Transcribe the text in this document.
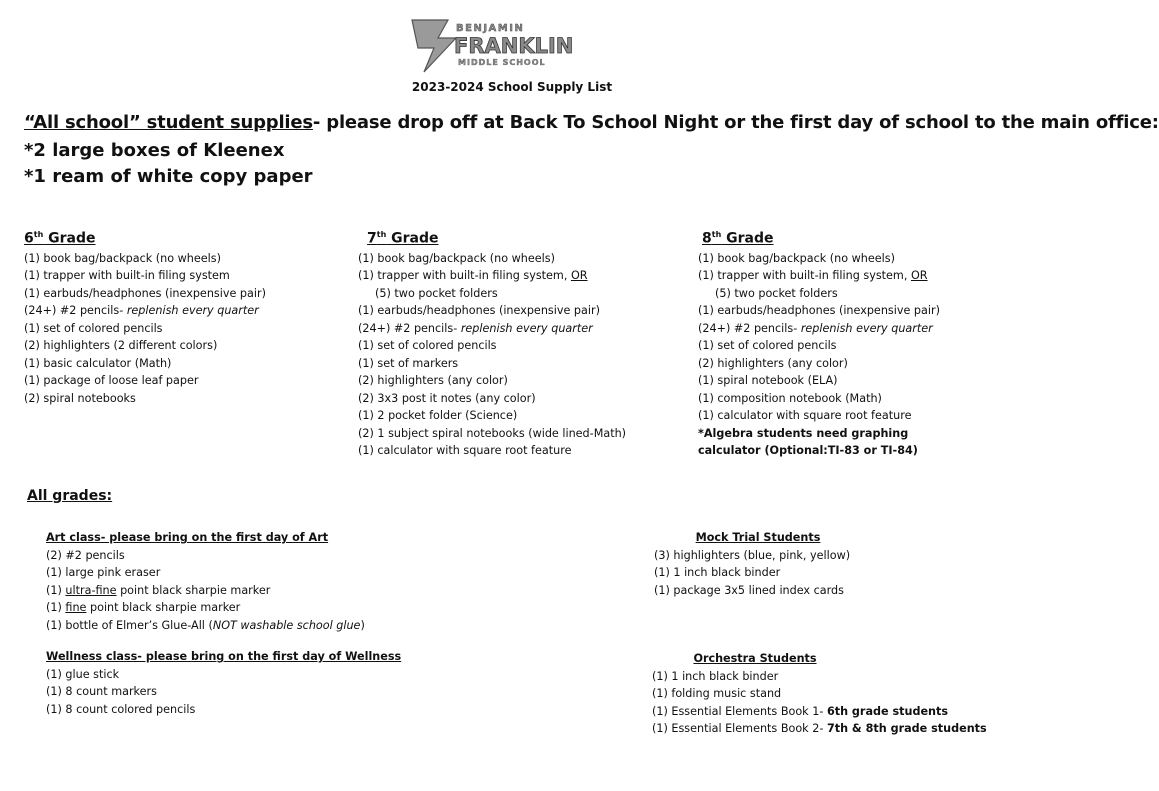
BENJAMIN
FRANKLIN
MIDDLE SCHOOL
2023-2024 School Supply List
“All school” student supplies- please drop off at Back To School Night or the first day of school to the main office:
*2 large boxes of Kleenex
*1 ream of white copy paper
6th Grade
(1) book bag/backpack (no wheels)
(1) trapper with built-in filing system
(1) earbuds/headphones (inexpensive pair)
(24+) #2 pencils- replenish every quarter
(1) set of colored pencils
(2) highlighters (2 different colors)
(1) basic calculator (Math)
(1) package of loose leaf paper
(2) spiral notebooks
7th Grade
(1) book bag/backpack (no wheels)
(1) trapper with built-in filing system, OR
(5) two pocket folders
(1) earbuds/headphones (inexpensive pair)
(24+) #2 pencils- replenish every quarter
(1) set of colored pencils
(1) set of markers
(2) highlighters (any color)
(2) 3x3 post it notes (any color)
(1) 2 pocket folder (Science)
(2) 1 subject spiral notebooks (wide lined-Math)
(1) calculator with square root feature
8th Grade
(1) book bag/backpack (no wheels)
(1) trapper with built-in filing system, OR
(5) two pocket folders
(1) earbuds/headphones (inexpensive pair)
(24+) #2 pencils- replenish every quarter
(1) set of colored pencils
(2) highlighters (any color)
(1) spiral notebook (ELA)
(1) composition notebook (Math)
(1) calculator with square root feature
*Algebra students need graphing
calculator (Optional:TI-83 or TI-84)
All grades:
Art class- please bring on the first day of Art
(2) #2 pencils
(1) large pink eraser
(1) ultra-fine point black sharpie marker
(1) fine point black sharpie marker
(1) bottle of Elmer’s Glue-All (NOT washable school glue)
Wellness class- please bring on the first day of Wellness
(1) glue stick
(1) 8 count markers
(1) 8 count colored pencils
Mock Trial Students
(3) highlighters (blue, pink, yellow)
(1) 1 inch black binder
(1) package 3x5 lined index cards
Orchestra Students
(1) 1 inch black binder
(1) folding music stand
(1) Essential Elements Book 1- 6th grade students
(1) Essential Elements Book 2- 7th & 8th grade students
